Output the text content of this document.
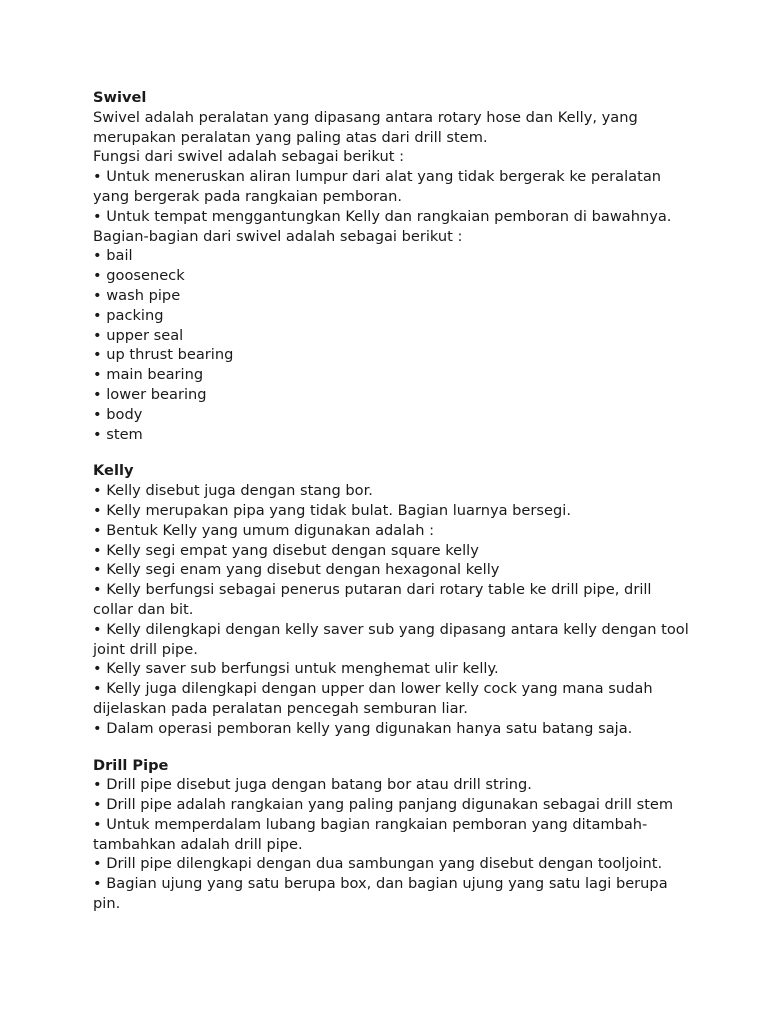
Swivel
Swivel adalah peralatan yang dipasang antara rotary hose dan Kelly, yang merupakan peralatan yang paling atas dari drill stem.
Fungsi dari swivel adalah sebagai berikut :
• Untuk meneruskan aliran lumpur dari alat yang tidak bergerak ke peralatan yang bergerak pada rangkaian pemboran.
• Untuk tempat menggantungkan Kelly dan rangkaian pemboran di bawahnya.
Bagian-bagian dari swivel adalah sebagai berikut :
• bail
• gooseneck
• wash pipe
• packing
• upper seal
• up thrust bearing
• main bearing
• lower bearing
• body
• stem
Kelly
• Kelly disebut juga dengan stang bor.
• Kelly merupakan pipa yang tidak bulat. Bagian luarnya bersegi.
• Bentuk Kelly yang umum digunakan adalah :
• Kelly segi empat yang disebut dengan square kelly
• Kelly segi enam yang disebut dengan hexagonal kelly
• Kelly berfungsi sebagai penerus putaran dari rotary table ke drill pipe, drill collar dan bit.
• Kelly dilengkapi dengan kelly saver sub yang dipasang antara kelly dengan tool joint drill pipe.
• Kelly saver sub berfungsi untuk menghemat ulir kelly.
• Kelly juga dilengkapi dengan upper dan lower kelly cock yang mana sudah dijelaskan pada peralatan pencegah semburan liar.
• Dalam operasi pemboran kelly yang digunakan hanya satu batang saja.
Drill Pipe
• Drill pipe disebut juga dengan batang bor atau drill string.
• Drill pipe adalah rangkaian yang paling panjang digunakan sebagai drill stem
• Untuk memperdalam lubang bagian rangkaian pemboran yang ditambah-tambahkan adalah drill pipe.
• Drill pipe dilengkapi dengan dua sambungan yang disebut dengan tooljoint.
• Bagian ujung yang satu berupa box, dan bagian ujung yang satu lagi berupa pin.
